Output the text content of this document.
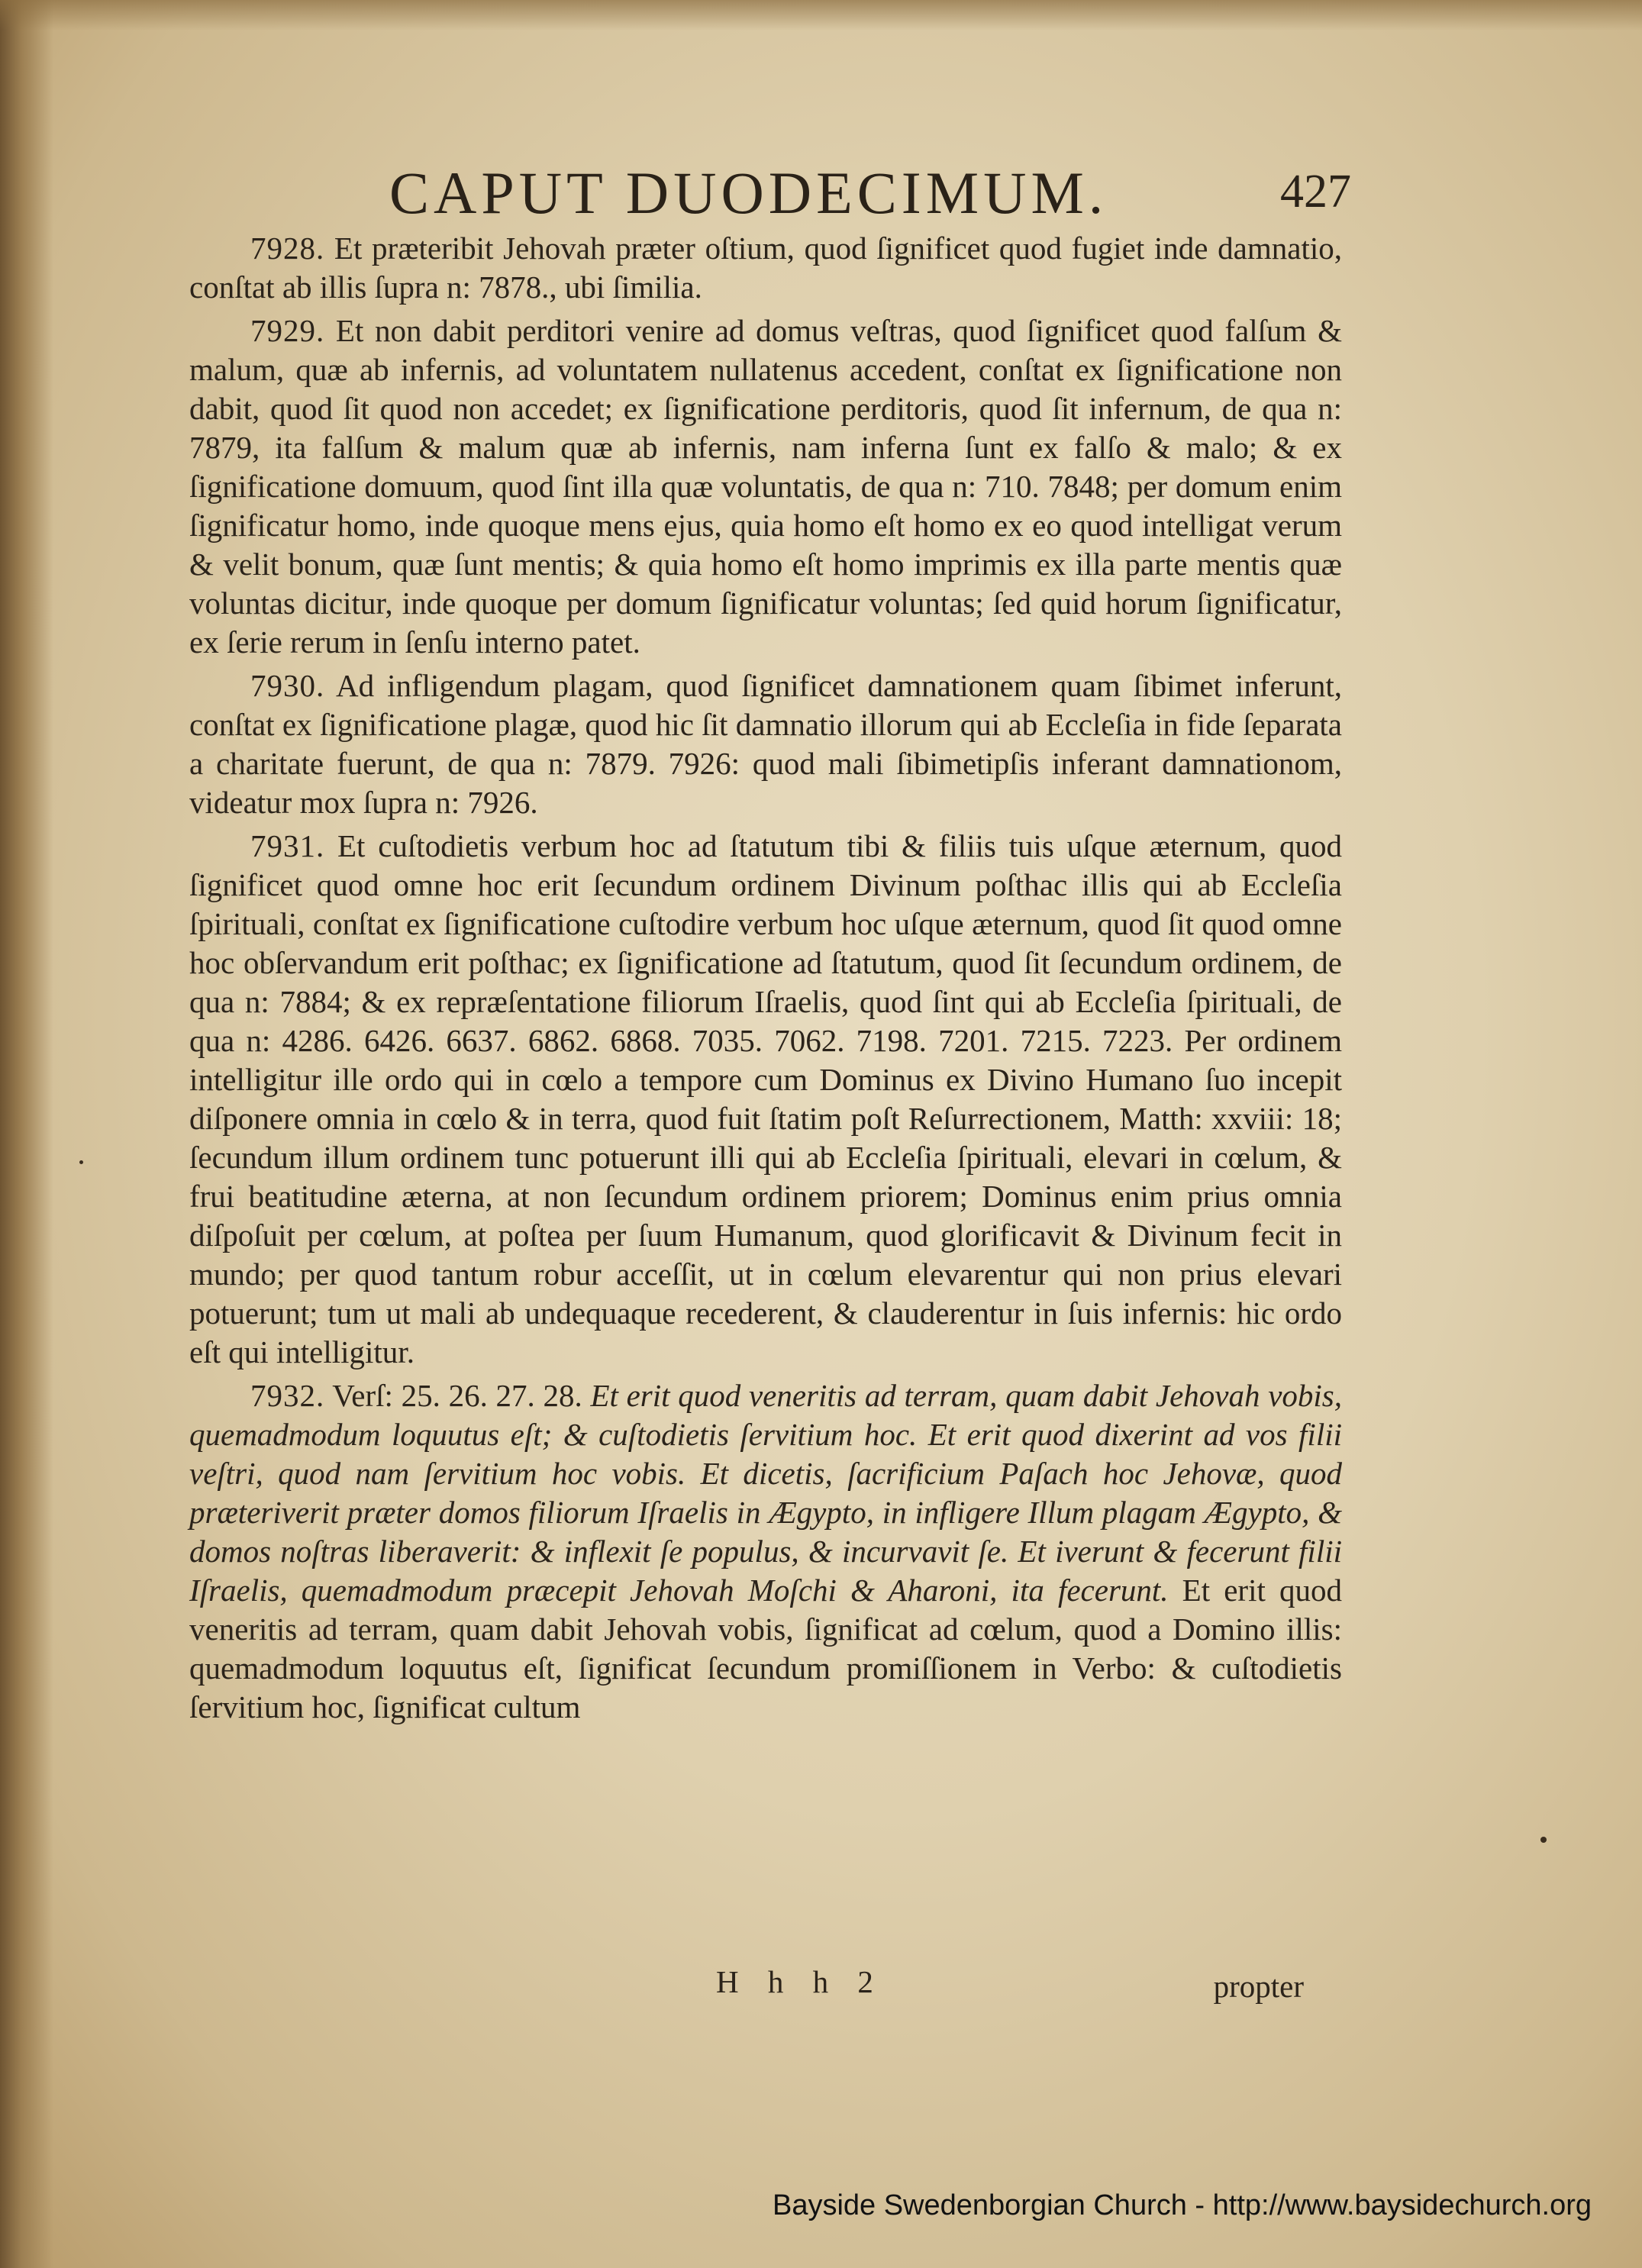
CAPUT DUODECIMUM.	427

7928. Et præteribit Jehovah præter oſtium, quod ſignificet quod fugiet inde damnatio, conſtat ab illis ſupra n: 7878., ubi ſimilia.

7929. Et non dabit perditori venire ad domus veſtras, quod ſignificet quod falſum & malum, quæ ab infernis, ad voluntatem nullatenus accedent, conſtat ex ſignificatione non dabit, quod ſit quod non accedet; ex ſignificatione perditoris, quod ſit infernum, de qua n: 7879, ita falſum & malum quæ ab infernis, nam inferna ſunt ex falſo & malo; & ex ſignificatione domuum, quod ſint illa quæ voluntatis, de qua n: 710. 7848; per domum enim ſignificatur homo, inde quoque mens ejus, quia homo eſt homo ex eo quod intelligat verum & velit bonum, quæ ſunt mentis; & quia homo eſt homo imprimis ex illa parte mentis quæ voluntas dicitur, inde quoque per domum ſignificatur voluntas; ſed quid horum ſignificatur, ex ſerie rerum in ſenſu interno patet.

7930. Ad infligendum plagam, quod ſignificet damnationem quam ſibimet inferunt, conſtat ex ſignificatione plagæ, quod hic ſit damnatio illorum qui ab Eccleſia in fide ſeparata a charitate fuerunt, de qua n: 7879. 7926: quod mali ſibimetipſis inferant damnationom, videatur mox ſupra n: 7926.

7931. Et cuſtodietis verbum hoc ad ſtatutum tibi & filiis tuis uſque æternum, quod ſignificet quod omne hoc erit ſecundum ordinem Divinum poſthac illis qui ab Eccleſia ſpirituali, conſtat ex ſignificatione cuſtodire verbum hoc uſque æternum, quod ſit quod omne hoc obſervandum erit poſthac; ex ſignificatione ad ſtatutum, quod ſit ſecundum ordinem, de qua n: 7884; & ex repræſentatione filiorum Iſraelis, quod ſint qui ab Eccleſia ſpirituali, de qua n: 4286. 6426. 6637. 6862. 6868. 7035. 7062. 7198. 7201. 7215. 7223. Per ordinem intelligitur ille ordo qui in cœlo a tempore cum Dominus ex Divino Humano ſuo incepit diſponere omnia in cœlo & in terra, quod fuit ſtatim poſt Reſurrectionem, Matth: xxviii: 18; ſecundum illum ordinem tunc potuerunt illi qui ab Eccleſia ſpirituali, elevari in cœlum, & frui beatitudine æterna, at non ſecundum ordinem priorem; Dominus enim prius omnia diſpoſuit per cœlum, at poſtea per ſuum Humanum, quod glorificavit & Divinum fecit in mundo; per quod tantum robur acceſſit, ut in cœlum elevarentur qui non prius elevari potuerunt; tum ut mali ab undequaque recederent, & clauderentur in ſuis infernis: hic ordo eſt qui intelligitur.

7932. Verſ: 25. 26. 27. 28. Et erit quod veneritis ad terram, quam dabit Jehovah vobis, quemadmodum loquutus eſt; & cuſtodietis ſervitium hoc. Et erit quod dixerint ad vos filii veſtri, quod nam ſervitium hoc vobis. Et dicetis, ſacrificium Paſach hoc Jehovæ, quod præteriverit præter domos filiorum Iſraelis in Ægypto, in infligere Illum plagam Ægypto, & domos noſtras liberaverit: & inflexit ſe populus, & incurvavit ſe. Et iverunt & fecerunt filii Iſraelis, quemadmodum præcepit Jehovah Moſchi & Aharoni, ita fecerunt. Et erit quod veneritis ad terram, quam dabit Jehovah vobis, ſignificat ad cœlum, quod a Domino illis: quemadmodum loquutus eſt, ſignificat ſecundum promiſſionem in Verbo: & cuſtodietis ſervitium hoc, ſignificat cultum

H h h 2	propter
Bayside Swedenborgian Church - http://www.baysidechurch.org
